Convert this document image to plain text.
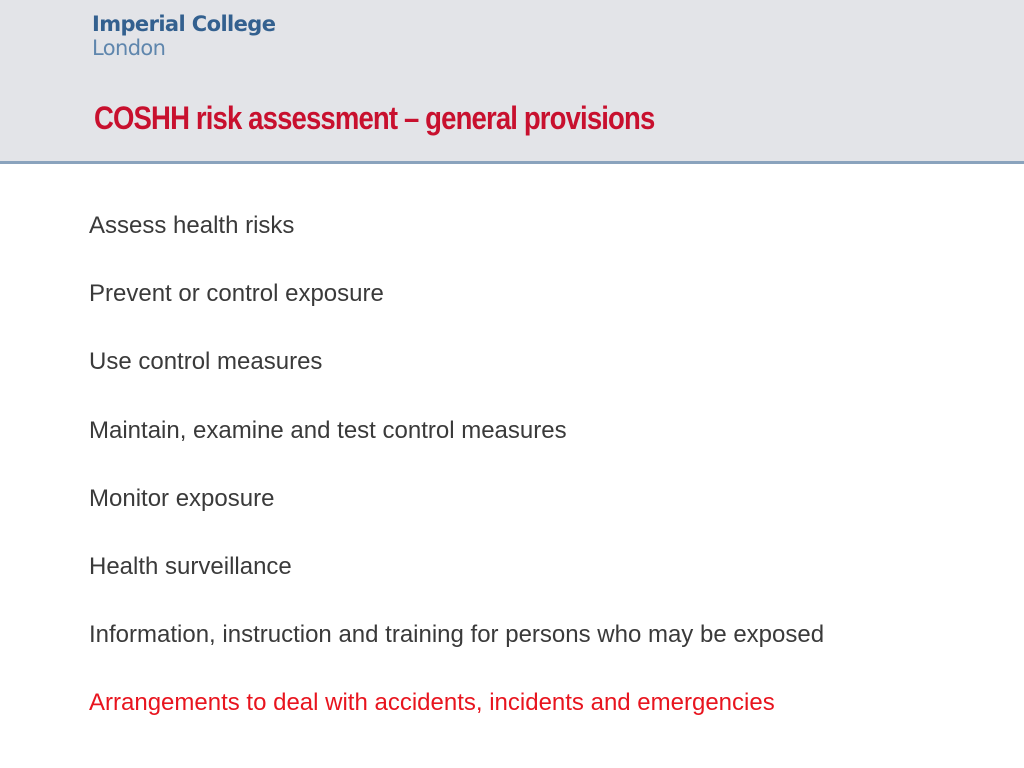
Imperial College
London
COSHH risk assessment – general provisions
Assess health risks
Prevent or control exposure
Use control measures
Maintain, examine and test control measures
Monitor exposure
Health surveillance
Information, instruction and training for persons who may be exposed
Arrangements to deal with accidents, incidents and emergencies
